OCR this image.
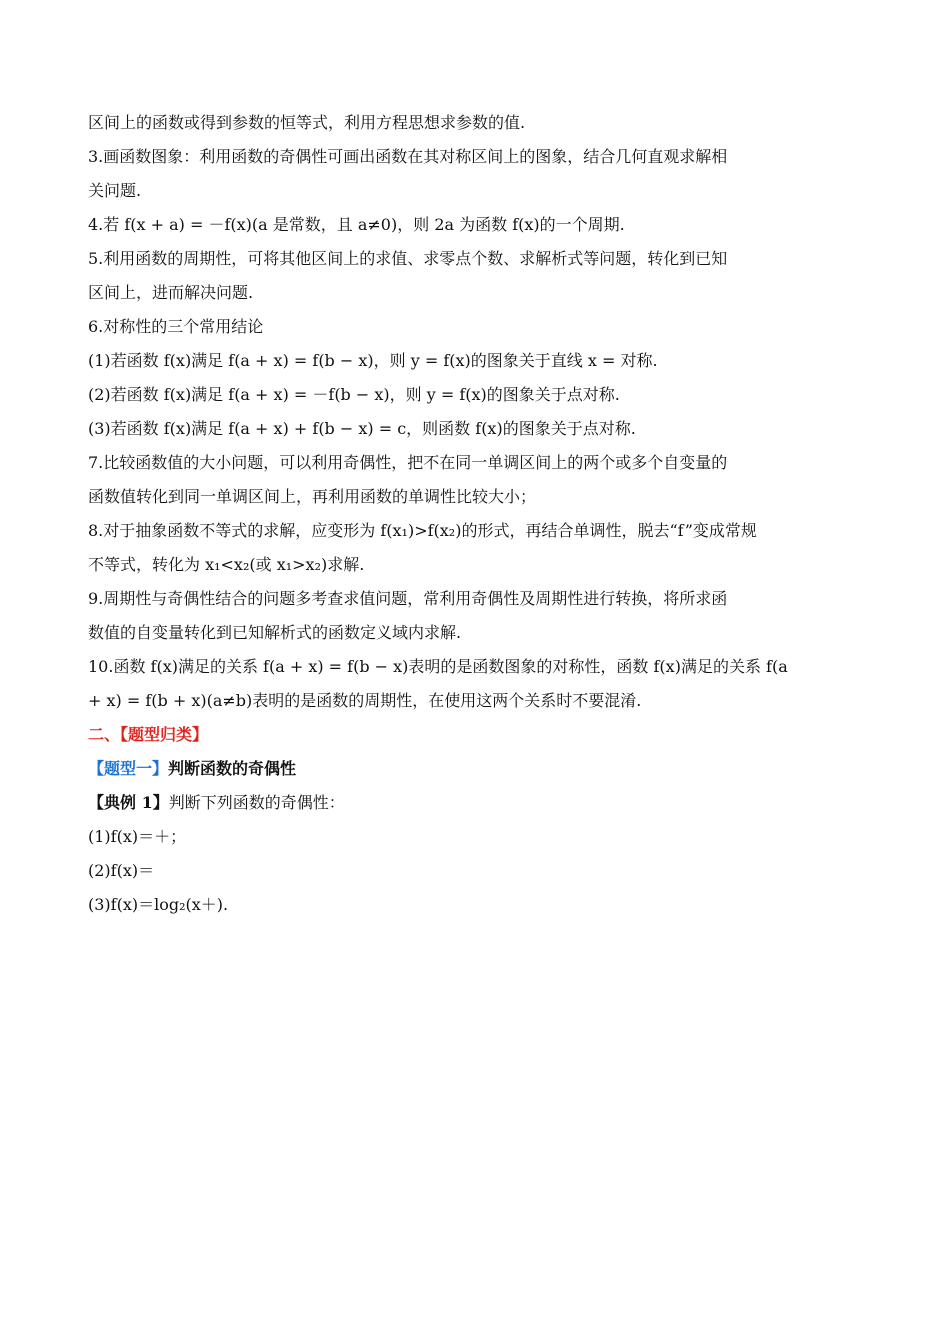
区间上的函数或得到参数的恒等式，利用方程思想求参数的值.
3.画函数图象：利用函数的奇偶性可画出函数在其对称区间上的图象，结合几何直观求解相
关问题.
4.若 f(x + a) = －f(x)(a 是常数，且 a≠0)，则 2a 为函数 f(x)的一个周期.
5.利用函数的周期性，可将其他区间上的求值、求零点个数、求解析式等问题，转化到已知
区间上，进而解决问题.
6.对称性的三个常用结论
(1)若函数 f(x)满足 f(a + x) = f(b − x)，则 y = f(x)的图象关于直线 x = 对称.
(2)若函数 f(x)满足 f(a + x) = －f(b − x)，则 y = f(x)的图象关于点对称.
(3)若函数 f(x)满足 f(a + x) + f(b − x) = c，则函数 f(x)的图象关于点对称.
7.比较函数值的大小问题，可以利用奇偶性，把不在同一单调区间上的两个或多个自变量的
函数值转化到同一单调区间上，再利用函数的单调性比较大小；
8.对于抽象函数不等式的求解，应变形为 f(x₁)>f(x₂)的形式，再结合单调性，脱去“f”变成常规
不等式，转化为 x₁<x₂(或 x₁>x₂)求解.
9.周期性与奇偶性结合的问题多考查求值问题，常利用奇偶性及周期性进行转换，将所求函
数值的自变量转化到已知解析式的函数定义域内求解.
10.函数 f(x)满足的关系 f(a + x) = f(b − x)表明的是函数图象的对称性，函数 f(x)满足的关系 f(a
+ x) = f(b + x)(a≠b)表明的是函数的周期性，在使用这两个关系时不要混淆.
二、【题型归类】
【题型一】判断函数的奇偶性
【典例 1】判断下列函数的奇偶性：
(1)f(x)＝＋；
(2)f(x)＝
(3)f(x)＝log₂(x＋).
